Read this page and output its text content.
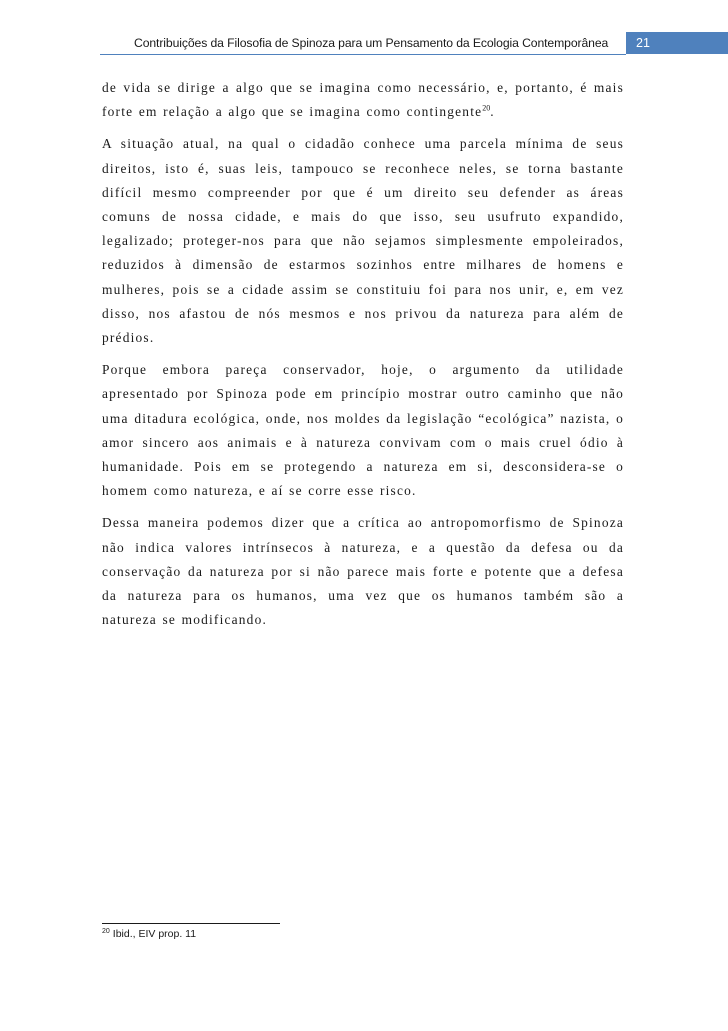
Contribuições da Filosofia de Spinoza para um Pensamento da Ecologia Contemporânea 21

de vida se dirige a algo que se imagina como necessário, e, portanto, é mais forte em relação a algo que se imagina como contingente$^{20}$.

A situação atual, na qual o cidadão conhece uma parcela mínima de seus direitos, isto é, suas leis, tampouco se reconhece neles, se torna bastante difícil mesmo compreender por que é um direito seu defender as áreas comuns de nossa cidade, e mais do que isso, seu usufruto expandido, legalizado; proteger-nos para que não sejamos simplesmente empoleirados, reduzidos à dimensão de estarmos sozinhos entre milhares de homens e mulheres, pois se a cidade assim se constituiu foi para nos unir, e, em vez disso, nos afastou de nós mesmos e nos privou da natureza para além de prédios.

Porque embora pareça conservador, hoje, o argumento da utilidade apresentado por Spinoza pode em princípio mostrar outro caminho que não uma ditadura ecológica, onde, nos moldes da legislação “ecológica” nazista, o amor sincero aos animais e à natureza convivam com o mais cruel ódio à humanidade. Pois em se protegendo a natureza em si, desconsidera-se o homem como natureza, e aí se corre esse risco.

Dessa maneira podemos dizer que a crítica ao antropomorfismo de Spinoza não indica valores intrínsecos à natureza, e a questão da defesa ou da conservação da natureza por si não parece mais forte e potente que a defesa da natureza para os humanos, uma vez que os humanos também são a natureza se modificando.

$^{20}$ Ibid., EIV prop. 11
